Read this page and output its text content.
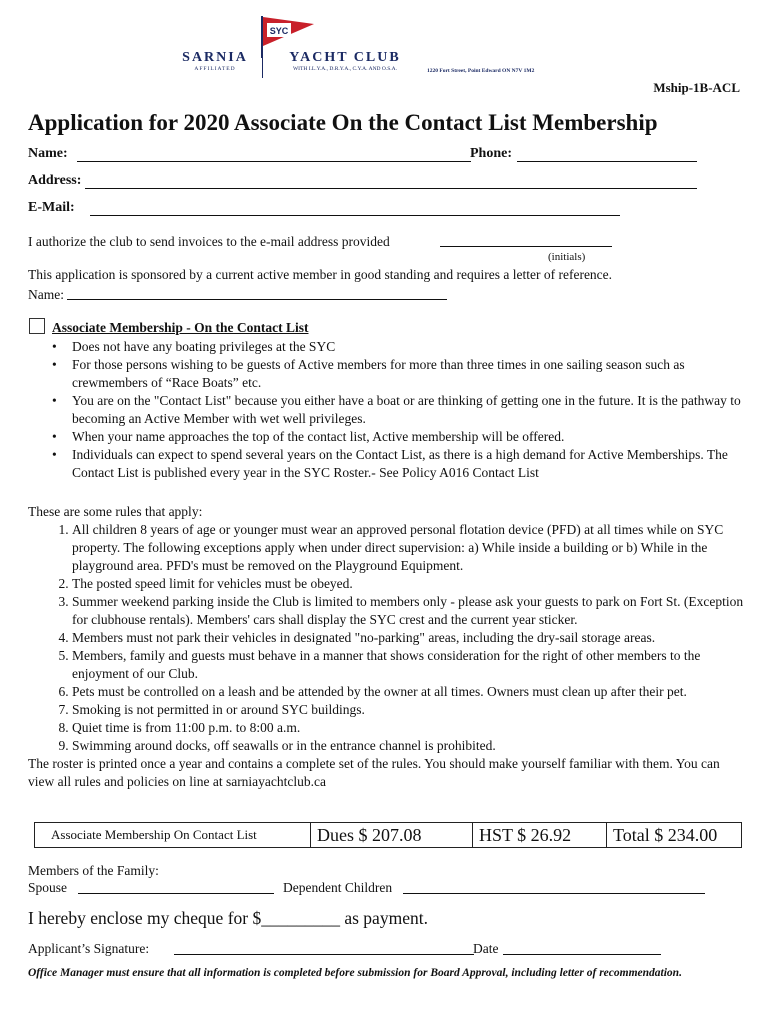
SYC
SARNIA
AFFILIATED
YACHT CLUB
WITH I.L.Y.A., D.R.Y.A., C.Y.A. AND O.S.A.	1220 Fort Street, Point Edward ON N7V 1M2
Mship-1B-ACL
Application for 2020 Associate On the Contact List Membership
Name:	Phone:
Address:
E-Mail:
I authorize the club to send invoices to the e-mail address provided
(initials)
This application is sponsored by a current active member in good standing and requires a letter of reference.
Name:
Associate Membership - On the Contact List
• Does not have any boating privileges at the SYC
• For those persons wishing to be guests of Active members for more than three times in one sailing season such as crewmembers of “Race Boats” etc.
• You are on the "Contact List" because you either have a boat or are thinking of getting one in the future. It is the pathway to becoming an Active Member with wet well privileges.
• When your name approaches the top of the contact list, Active membership will be offered.
• Individuals can expect to spend several years on the Contact List, as there is a high demand for Active Memberships. The Contact List is published every year in the SYC Roster.- See Policy A016 Contact List
These are some rules that apply:
1. All children 8 years of age or younger must wear an approved personal flotation device (PFD) at all times while on SYC property. The following exceptions apply when under direct supervision: a) While inside a building or b) While in the playground area. PFD's must be removed on the Playground Equipment.
2. The posted speed limit for vehicles must be obeyed.
3. Summer weekend parking inside the Club is limited to members only - please ask your guests to park on Fort St. (Exception for clubhouse rentals). Members' cars shall display the SYC crest and the current year sticker.
4. Members must not park their vehicles in designated "no-parking" areas, including the dry-sail storage areas.
5. Members, family and guests must behave in a manner that shows consideration for the right of other members to the enjoyment of our Club.
6. Pets must be controlled on a leash and be attended by the owner at all times. Owners must clean up after their pet.
7. Smoking is not permitted in or around SYC buildings.
8. Quiet time is from 11:00 p.m. to 8:00 a.m.
9. Swimming around docks, off seawalls or in the entrance channel is prohibited.
The roster is printed once a year and contains a complete set of the rules. You should make yourself familiar with them. You can view all rules and policies on line at sarniayachtclub.ca
Associate Membership On Contact List	Dues $ 207.08	HST $ 26.92	Total $ 234.00
Members of the Family:
Spouse	Dependent Children
I hereby enclose my cheque for $_________ as payment.
Applicant’s Signature:	Date
Office Manager must ensure that all information is completed before submission for Board Approval, including letter of recommendation.
